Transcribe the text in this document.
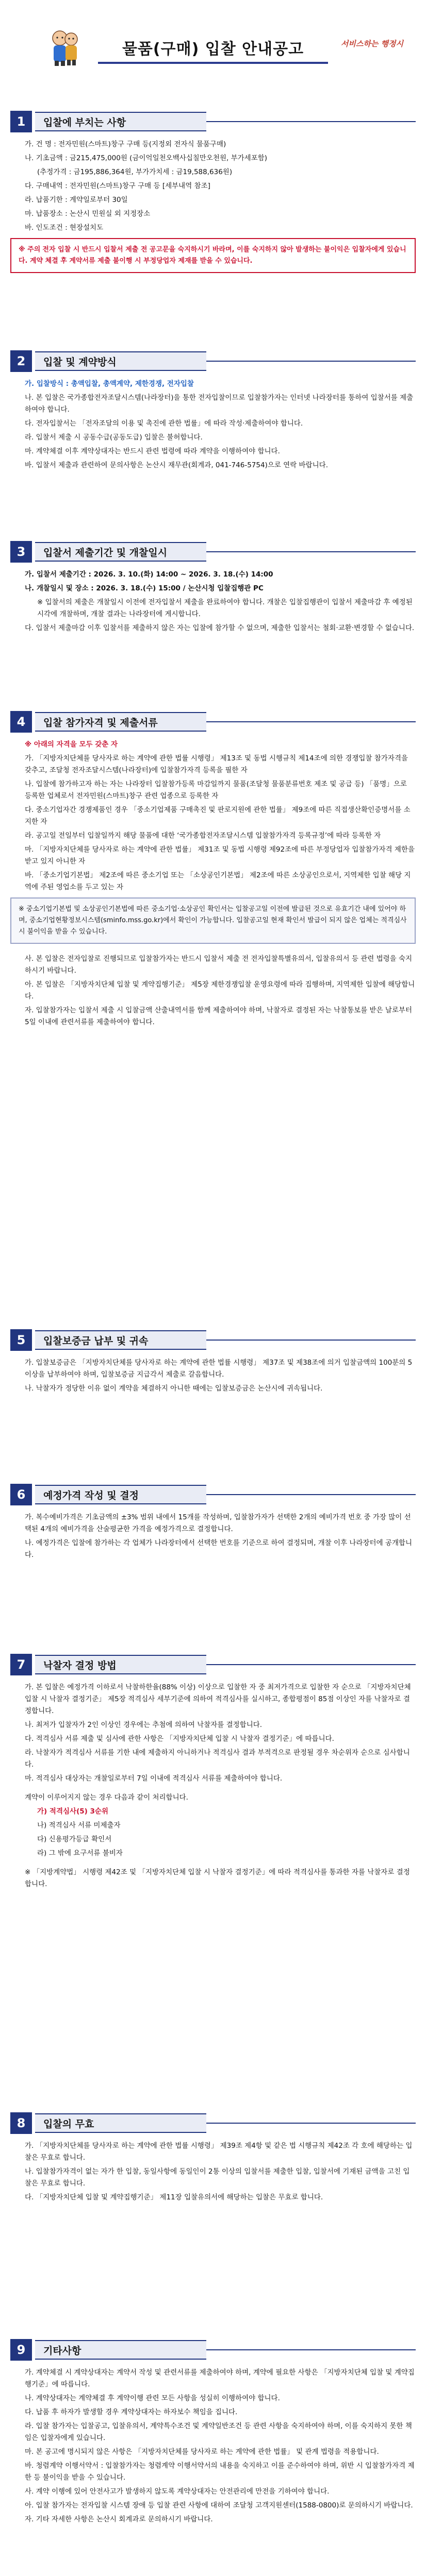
물품(구매) 입찰 안내공고	서비스하는 행정시
1	입찰에 부치는 사항
가. 건 명 : 전자민원(스마트)창구 구매 등(지정외 전자식 물품구매)
나. 기초금액 : 금215,475,000원 (금이억일천오백사십칠만오천원, 부가세포함)
(추정가격 : 금195,886,364원, 부가가치세 : 금19,588,636원)
다. 구매내역 : 전자민원(스마트)창구 구매 등 [세부내역 참조]
라. 납품기한 : 계약일로부터 30일
마. 납품장소 : 논산시 민원실 외 지정장소
바. 인도조건 : 현장설치도
※ 주의 전자 입찰 시 반드시 입찰서 제출 전 공고문을 숙지하시기 바라며, 이를 숙지하지 않아 발생하는 불이익은 입찰자에게 있습니다. 계약 체결 후 계약서류 제출 불이행 시 부정당업자 제재를 받을 수 있습니다.
2	입찰 및 계약방식
가. 입찰방식 : 총액입찰, 총액계약, 제한경쟁, 전자입찰
나. 본 입찰은 국가종합전자조달시스템(나라장터)을 통한 전자입찰이므로 입찰참가자는 인터넷 나라장터를 통하여 입찰서를 제출하여야 합니다.
다. 전자입찰서는 「전자조달의 이용 및 촉진에 관한 법률」에 따라 작성·제출하여야 합니다.
라. 입찰서 제출 시 공동수급(공동도급) 입찰은 불허합니다.
마. 계약체결 이후 계약상대자는 반드시 관련 법령에 따라 계약을 이행하여야 합니다.
바. 입찰서 제출과 관련하여 문의사항은 논산시 재무관(회계과, 041-746-5754)으로 연락 바랍니다.
3	입찰서 제출기간 및 개찰일시
가. 입찰서 제출기간 : 2026. 3. 10.(화) 14:00 ~ 2026. 3. 18.(수) 14:00
나. 개찰일시 및 장소 : 2026. 3. 18.(수) 15:00 / 논산시청 입찰집행관 PC
※ 입찰서의 제출은 개찰일시 이전에 전자입찰서 제출을 완료하여야 합니다. 개찰은 입찰집행관이 입찰서 제출마감 후 예정된 시각에 개찰하며, 개찰 결과는 나라장터에 게시합니다.
다. 입찰서 제출마감 이후 입찰서를 제출하지 않은 자는 입찰에 참가할 수 없으며, 제출한 입찰서는 철회·교환·변경할 수 없습니다.
4	입찰 참가자격 및 제출서류
※ 아래의 자격을 모두 갖춘 자
가. 「지방자치단체를 당사자로 하는 계약에 관한 법률 시행령」 제13조 및 동법 시행규칙 제14조에 의한 경쟁입찰 참가자격을 갖추고, 조달청 전자조달시스템(나라장터)에 입찰참가자격 등록을 필한 자
나. 입찰에 참가하고자 하는 자는 나라장터 입찰참가등록 마감일까지 물품(조달청 물품분류번호 제조 및 공급 등) 「품명」으로 등록한 업체로서 전자민원(스마트)창구 관련 업종으로 등록한 자
다. 중소기업자간 경쟁제품인 경우 「중소기업제품 구매촉진 및 판로지원에 관한 법률」 제9조에 따른 직접생산확인증명서를 소지한 자
라. 공고일 전일부터 입찰일까지 해당 물품에 대한 ‘국가종합전자조달시스템 입찰참가자격 등록규정’에 따라 등록한 자
마. 「지방자치단체를 당사자로 하는 계약에 관한 법률」 제31조 및 동법 시행령 제92조에 따른 부정당업자 입찰참가자격 제한을 받고 있지 아니한 자
바. 「중소기업기본법」 제2조에 따른 중소기업 또는 「소상공인기본법」 제2조에 따른 소상공인으로서, 지역제한 입찰 해당 지역에 주된 영업소를 두고 있는 자
※ 중소기업기본법 및 소상공인기본법에 따른 중소기업·소상공인 확인서는 입찰공고일 이전에 발급된 것으로 유효기간 내에 있어야 하며, 중소기업현황정보시스템(sminfo.mss.go.kr)에서 확인이 가능합니다. 입찰공고일 현재 확인서 발급이 되지 않은 업체는 적격심사 시 불이익을 받을 수 있습니다.
사. 본 입찰은 전자입찰로 진행되므로 입찰참가자는 반드시 입찰서 제출 전 전자입찰특별유의서, 입찰유의서 등 관련 법령을 숙지하시기 바랍니다.
아. 본 입찰은 「지방자치단체 입찰 및 계약집행기준」 제5장 제한경쟁입찰 운영요령에 따라 집행하며, 지역제한 입찰에 해당합니다.
자. 입찰참가자는 입찰서 제출 시 입찰금액 산출내역서를 함께 제출하여야 하며, 낙찰자로 결정된 자는 낙찰통보를 받은 날로부터 5일 이내에 관련서류를 제출하여야 합니다.
5	입찰보증금 납부 및 귀속
가. 입찰보증금은 「지방자치단체를 당사자로 하는 계약에 관한 법률 시행령」 제37조 및 제38조에 의거 입찰금액의 100분의 5 이상을 납부하여야 하며, 입찰보증금 지급각서 제출로 갈음합니다.
나. 낙찰자가 정당한 이유 없이 계약을 체결하지 아니한 때에는 입찰보증금은 논산시에 귀속됩니다.
6	예정가격 작성 및 결정
가. 복수예비가격은 기초금액의 ±3% 범위 내에서 15개를 작성하며, 입찰참가자가 선택한 2개의 예비가격 번호 중 가장 많이 선택된 4개의 예비가격을 산술평균한 가격을 예정가격으로 결정합니다.
나. 예정가격은 입찰에 참가하는 각 업체가 나라장터에서 선택한 번호를 기준으로 하여 결정되며, 개찰 이후 나라장터에 공개합니다.
7	낙찰자 결정 방법
가. 본 입찰은 예정가격 이하로서 낙찰하한율(88% 이상) 이상으로 입찰한 자 중 최저가격으로 입찰한 자 순으로 「지방자치단체 입찰 시 낙찰자 결정기준」 제5장 적격심사 세부기준에 의하여 적격심사를 실시하고, 종합평점이 85점 이상인 자를 낙찰자로 결정합니다.
나. 최저가 입찰자가 2인 이상인 경우에는 추첨에 의하여 낙찰자를 결정합니다.
다. 적격심사 서류 제출 및 심사에 관한 사항은 「지방자치단체 입찰 시 낙찰자 결정기준」에 따릅니다.
라. 낙찰자가 적격심사 서류를 기한 내에 제출하지 아니하거나 적격심사 결과 부적격으로 판정될 경우 차순위자 순으로 심사합니다.
마. 적격심사 대상자는 개찰일로부터 7일 이내에 적격심사 서류를 제출하여야 합니다.
계약이 이루어지지 않는 경우 다음과 같이 처리합니다.
가) 적격심사(5) 3순위
나) 적격심사 서류 미제출자
다) 신용평가등급 확인서
라) 그 밖에 요구서류 불비자
※ 「지방계약법」 시행령 제42조 및 「지방자치단체 입찰 시 낙찰자 결정기준」에 따라 적격심사를 통과한 자를 낙찰자로 결정합니다.
8	입찰의 무효
가. 「지방자치단체를 당사자로 하는 계약에 관한 법률 시행령」 제39조 제4항 및 같은 법 시행규칙 제42조 각 호에 해당하는 입찰은 무효로 합니다.
나. 입찰참가자격이 없는 자가 한 입찰, 동일사항에 동일인이 2통 이상의 입찰서를 제출한 입찰, 입찰서에 기재된 금액을 고친 입찰은 무효로 합니다.
다. 「지방자치단체 입찰 및 계약집행기준」 제11장 입찰유의서에 해당하는 입찰은 무효로 합니다.
9	기타사항
가. 계약체결 시 계약상대자는 계약서 작성 및 관련서류를 제출하여야 하며, 계약에 필요한 사항은 「지방자치단체 입찰 및 계약집행기준」에 따릅니다.
나. 계약상대자는 계약체결 후 계약이행 관련 모든 사항을 성실히 이행하여야 합니다.
다. 납품 후 하자가 발생할 경우 계약상대자는 하자보수 책임을 집니다.
라. 입찰 참가자는 입찰공고, 입찰유의서, 계약특수조건 및 계약일반조건 등 관련 사항을 숙지하여야 하며, 이를 숙지하지 못한 책임은 입찰자에게 있습니다.
마. 본 공고에 명시되지 않은 사항은 「지방자치단체를 당사자로 하는 계약에 관한 법률」 및 관계 법령을 적용합니다.
바. 청렴계약 이행서약서 : 입찰참가자는 청렴계약 이행서약서의 내용을 숙지하고 이를 준수하여야 하며, 위반 시 입찰참가자격 제한 등 불이익을 받을 수 있습니다.
사. 계약 이행에 있어 안전사고가 발생하지 않도록 계약상대자는 안전관리에 만전을 기하여야 합니다.
아. 입찰 참가자는 전자입찰 시스템 장애 등 입찰 관련 사항에 대하여 조달청 고객지원센터(1588-0800)로 문의하시기 바랍니다.
자. 기타 자세한 사항은 논산시 회계과로 문의하시기 바랍니다.
